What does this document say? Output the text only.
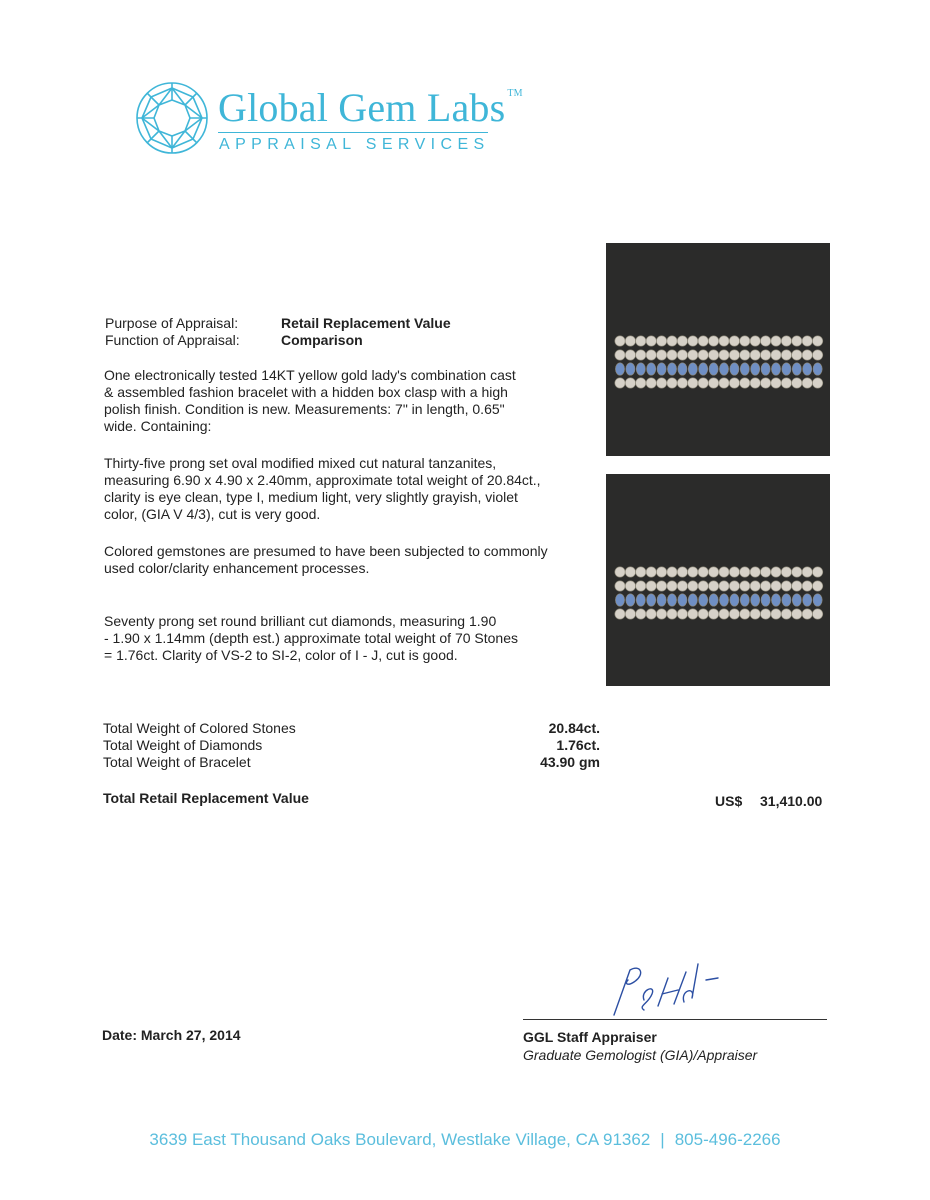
Global Gem Labs ™
APPRAISAL SERVICES
Purpose of Appraisal:	Retail Replacement Value
Function of Appraisal:	Comparison
One electronically tested 14KT yellow gold lady's combination cast
& assembled fashion bracelet with a hidden box clasp with a high
polish finish. Condition is new. Measurements: 7" in length, 0.65"
wide. Containing:
Thirty-five prong set oval modified mixed cut natural tanzanites,
measuring 6.90 x 4.90 x 2.40mm, approximate total weight of 20.84ct.,
clarity is eye clean, type I, medium light, very slightly grayish, violet
color, (GIA V 4/3), cut is very good.
Colored gemstones are presumed to have been subjected to commonly
used color/clarity enhancement processes.
Seventy prong set round brilliant cut diamonds, measuring 1.90
- 1.90 x 1.14mm (depth est.) approximate total weight of 70 Stones
= 1.76ct. Clarity of VS-2 to SI-2, color of I - J, cut is good.
Total Weight of Colored Stones	20.84ct.
Total Weight of Diamonds	1.76ct.
Total Weight of Bracelet	43.90 gm
Total Retail Replacement Value	US$ 31,410.00
Date: March 27, 2014	GGL Staff Appraiser
Graduate Gemologist (GIA)/Appraiser
3639 East Thousand Oaks Boulevard, Westlake Village, CA 91362 | 805-496-2266
